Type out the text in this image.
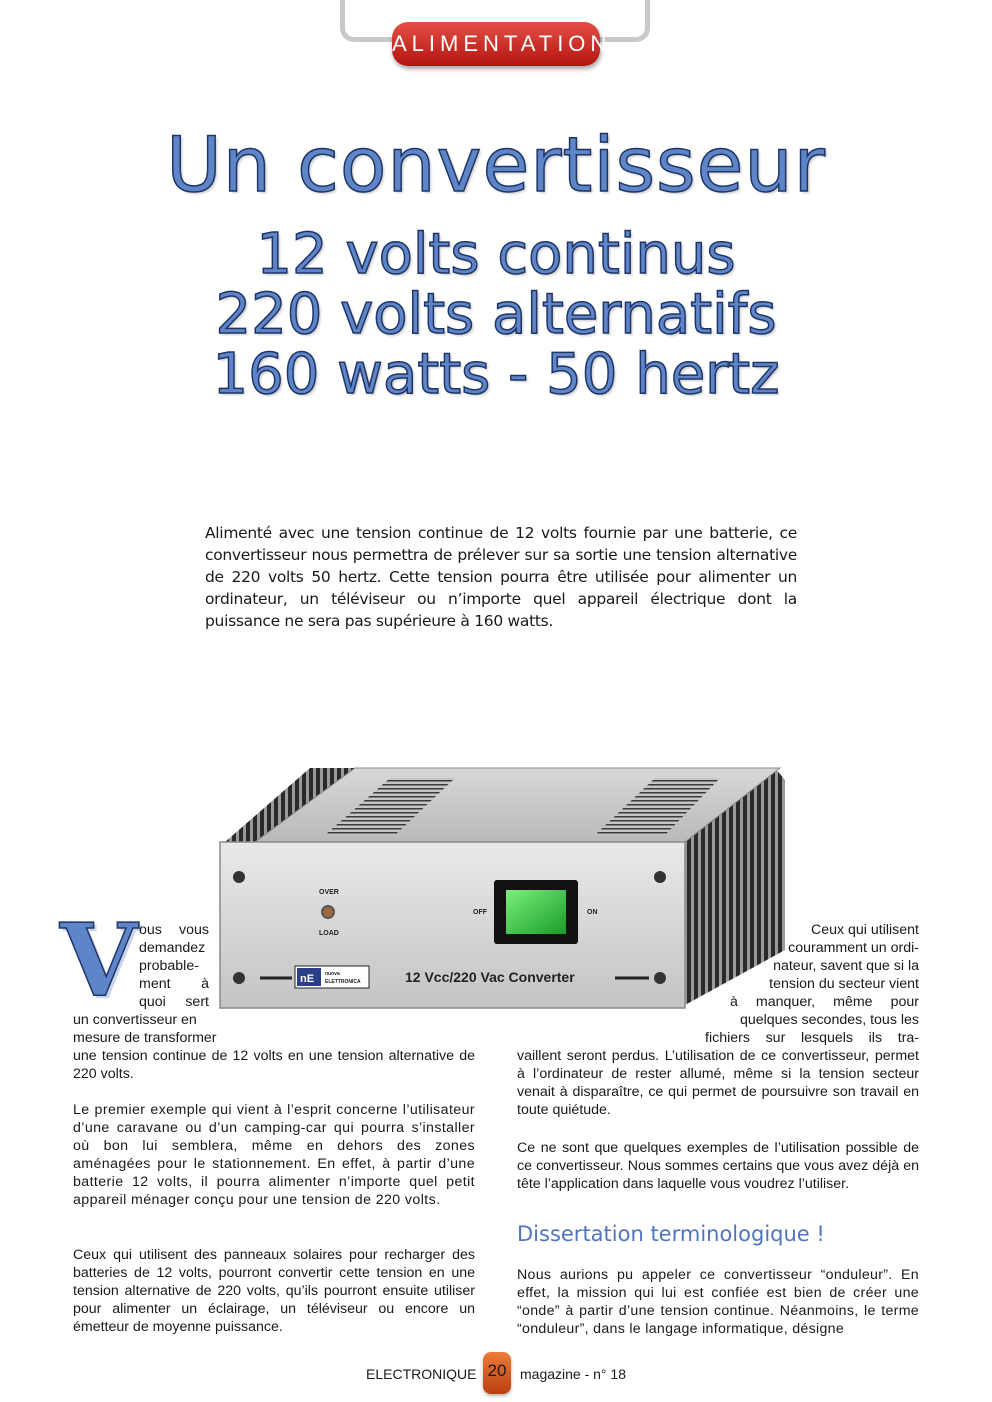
ALIMENTATION
Un convertisseur
12 volts continus
220 volts alternatifs
160 watts - 50 hertz

Alimenté avec une tension continue de 12 volts fournie par une batterie, ce convertisseur nous permettra de prélever sur sa sortie une tension alternative de 220 volts 50 hertz. Cette tension pourra être utilisée pour alimenter un ordinateur, un téléviseur ou n’importe quel appareil électrique dont la puissance ne sera pas supérieure à 160 watts.

OVER
LOAD
OFF	ON
nE nuova
ELETTRONICA	12 Vcc/220 Vac Converter
V ous vous
demandez
probable-
ment à
quoi sert
un convertisseur en
mesure de transformer

une tension continue de 12 volts en une tension alternative de 220 volts.

Le premier exemple qui vient à l’esprit concerne l’utilisateur d’une caravane ou d’un camping-car qui pourra s’installer où bon lui semblera, même en dehors des zones aménagées pour le stationnement. En effet, à partir d’une batterie 12 volts, il pourra alimenter n’importe quel petit appareil ménager conçu pour une tension de 220 volts.

Ceux qui utilisent des panneaux solaires pour recharger des batteries de 12 volts, pourront convertir cette tension en une tension alternative de 220 volts, qu’ils pourront ensuite utiliser pour alimenter un éclairage, un téléviseur ou encore un émetteur de moyenne puissance.

Ceux qui utilisent
couramment un ordi-
nateur, savent que si la
tension du secteur vient
à manquer, même pour
quelques secondes, tous les
fichiers sur lesquels ils tra-

vaillent seront perdus. L’utilisation de ce convertisseur, permet à l’ordinateur de rester allumé, même si la tension secteur venait à disparaître, ce qui permet de poursuivre son travail en toute quiétude.

Ce ne sont que quelques exemples de l’utilisation possible de ce convertisseur. Nous sommes certains que vous avez déjà en tête l’application dans laquelle vous voudrez l’utiliser.

Dissertation terminologique !

Nous aurions pu appeler ce convertisseur “onduleur”. En effet, la mission qui lui est confiée est bien de créer une “onde” à partir d’une tension continue. Néanmoins, le terme “onduleur”, dans le langage informatique, désigne

ELECTRONIQUE 20 magazine - n° 18
